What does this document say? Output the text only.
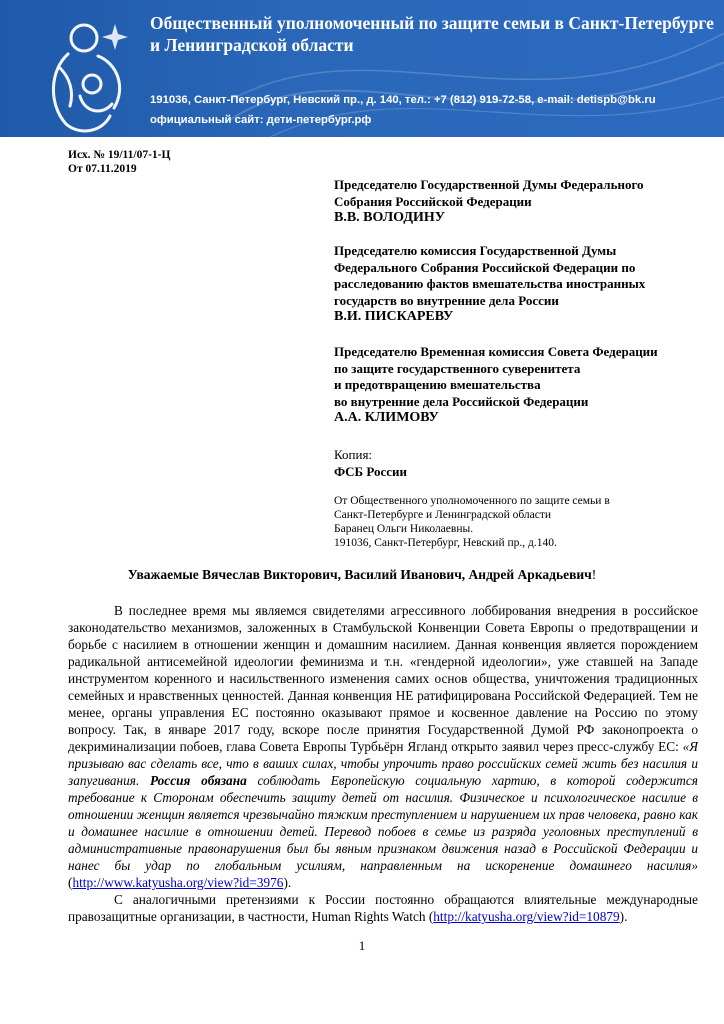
Общественный уполномоченный по защите семьи в Санкт-Петербурге
и Ленинградской области
191036, Санкт-Петербург, Невский пр., д. 140, тел.: +7 (812) 919-72-58, e-mail: detispb@bk.ru
официальный сайт: дети-петербург.рф
Исх. № 19/11/07-1-Ц
От 07.11.2019
Председателю Государственной Думы Федерального
Собрания Российской Федерации
В.В. ВОЛОДИНУ
Председателю комиссия Государственной Думы
Федерального Собрания Российской Федерации по
расследованию фактов вмешательства иностранных
государств во внутренние дела России
В.И. ПИСКАРЕВУ
Председателю Временная комиссия Совета Федерации
по защите государственного суверенитета
и предотвращению вмешательства
во внутренние дела Российской Федерации
А.А. КЛИМОВУ
Копия:
ФСБ России
От Общественного уполномоченного по защите семьи в
Санкт-Петербурге и Ленинградской области
Баранец Ольги Николаевны.
191036, Санкт-Петербург, Невский пр., д.140.
Уважаемые Вячеслав Викторович, Василий Иванович, Андрей Аркадьевич!

В последнее время мы являемся свидетелями агрессивного лоббирования внедрения в российское законодательство механизмов, заложенных в Стамбульской Конвенции Совета Европы о предотвращении и борьбе с насилием в отношении женщин и домашним насилием. Данная конвенция является порождением радикальной антисемейной идеологии феминизма и т.н. «гендерной идеологии», уже ставшей на Западе инструментом коренного и насильственного изменения самих основ общества, уничтожения традиционных семейных и нравственных ценностей. Данная конвенция НЕ ратифицирована Российской Федерацией. Тем не менее, органы управления ЕС постоянно оказывают прямое и косвенное давление на Россию по этому вопросу. Так, в январе 2017 году, вскоре после принятия Государственной Думой РФ законопроекта о декриминализации побоев, глава Совета Европы Турбьёрн Ягланд открыто заявил через пресс-службу ЕС: «Я призываю вас сделать все, что в ваших силах, чтобы упрочить право российских семей жить без насилия и запугивания. Россия обязана соблюдать Европейскую социальную хартию, в которой содержится требование к Сторонам обеспечить защиту детей от насилия. Физическое и психологическое насилие в отношении женщин является чрезвычайно тяжким преступлением и нарушением их прав человека, равно как и домашнее насилие в отношении детей. Перевод побоев в семье из разряда уголовных преступлений в административные правонарушения был бы явным признаком движения назад в Российской Федерации и нанес бы удар по глобальным усилиям, направленным на искоренение домашнего насилия» (http://www.katyusha.org/view?id=3976).

С аналогичными претензиями к России постоянно обращаются влиятельные международные правозащитные организации, в частности, Human Rights Watch (http://katyusha.org/view?id=10879).

1
